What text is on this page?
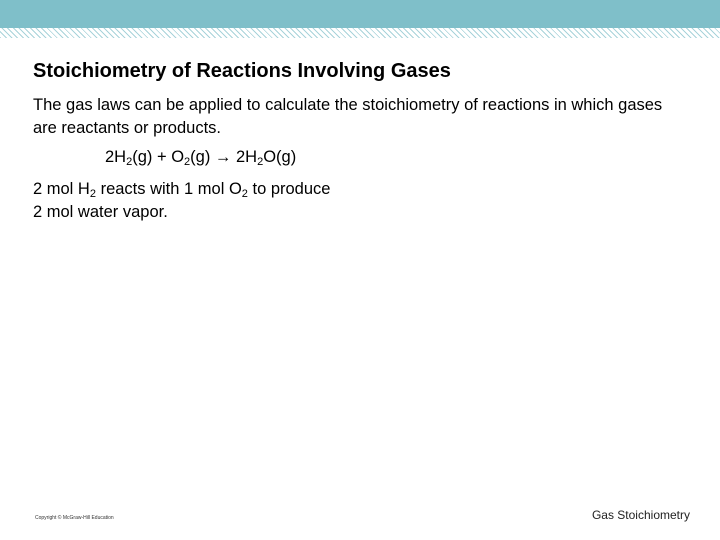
Stoichiometry of Reactions Involving Gases

The gas laws can be applied to calculate the stoichiometry of reactions in which gases are reactants or products.

$2H_2(g) + O_2(g) \to 2H_2O(g)$

2 mol $H_2$ reacts with 1 mol $O_2$ to produce
2 mol water vapor.

Copyright © McGraw-Hill Education	Gas Stoichiometry
